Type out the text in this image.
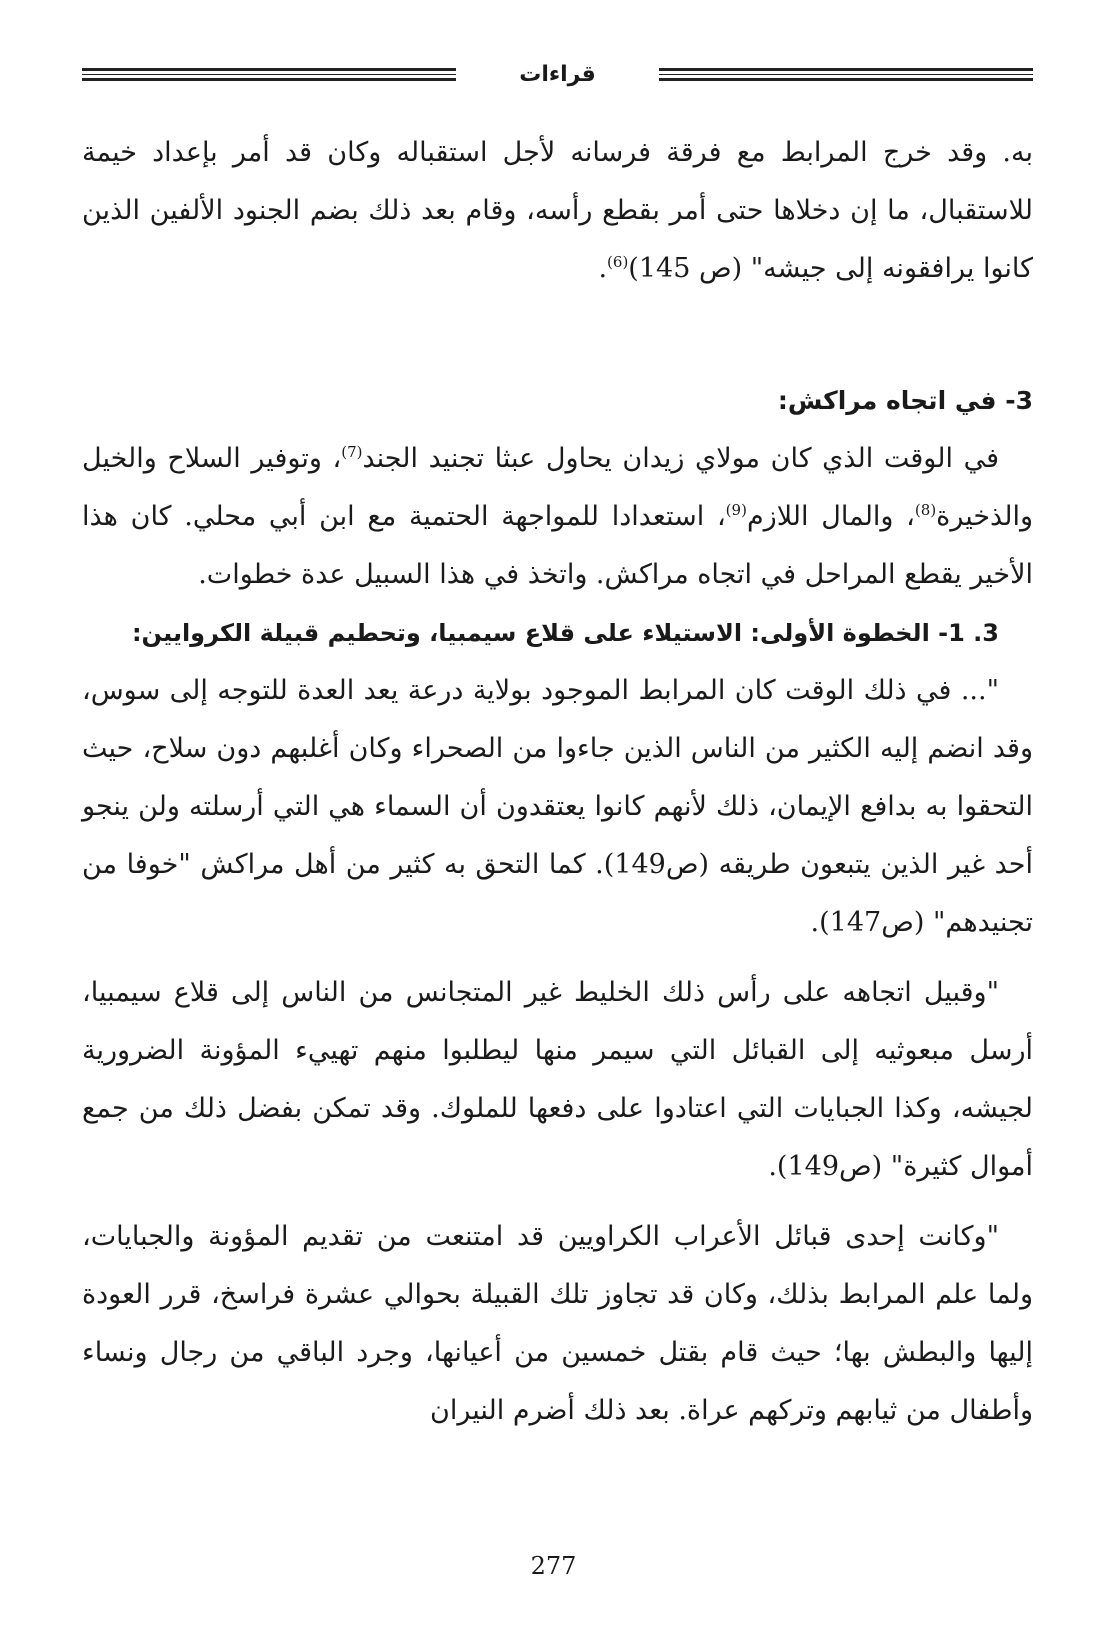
قراءات

به. وقد خرج المرابط مع فرقة فرسانه لأجل استقباله وكان قد أمر بإعداد خيمة للاستقبال، ما إن دخلاها حتى أمر بقطع رأسه، وقام بعد ذلك بضم الجنود الألفين الذين كانوا يرافقونه إلى جيشه" (ص 145)$^{(6)}$.

3- في اتجاه مراكش:

في الوقت الذي كان مولاي زيدان يحاول عبثا تجنيد الجند$^{(7)}$، وتوفير السلاح والخيل والذخيرة$^{(8)}$، والمال اللازم$^{(9)}$، استعدادا للمواجهة الحتمية مع ابن أبي محلي. كان هذا الأخير يقطع المراحل في اتجاه مراكش. واتخذ في هذا السبيل عدة خطوات.

3. 1- الخطوة الأولى: الاستيلاء على قلاع سيمبيا، وتحطيم قبيلة الكروايين:

"... في ذلك الوقت كان المرابط الموجود بولاية درعة يعد العدة للتوجه إلى سوس، وقد انضم إليه الكثير من الناس الذين جاءوا من الصحراء وكان أغلبهم دون سلاح، حيث التحقوا به بدافع الإيمان، ذلك لأنهم كانوا يعتقدون أن السماء هي التي أرسلته ولن ينجو أحد غير الذين يتبعون طريقه (ص149). كما التحق به كثير من أهل مراكش "خوفا من تجنيدهم" (ص147).

"وقبيل اتجاهه على رأس ذلك الخليط غير المتجانس من الناس إلى قلاع سيمبيا، أرسل مبعوثيه إلى القبائل التي سيمر منها ليطلبوا منهم تهييء المؤونة الضرورية لجيشه، وكذا الجبايات التي اعتادوا على دفعها للملوك. وقد تمكن بفضل ذلك من جمع أموال كثيرة" (ص149).

"وكانت إحدى قبائل الأعراب الكراويين قد امتنعت من تقديم المؤونة والجبايات، ولما علم المرابط بذلك، وكان قد تجاوز تلك القبيلة بحوالي عشرة فراسخ، قرر العودة إليها والبطش بها؛ حيث قام بقتل خمسين من أعيانها، وجرد الباقي من رجال ونساء وأطفال من ثيابهم وتركهم عراة. بعد ذلك أضرم النيران

277
